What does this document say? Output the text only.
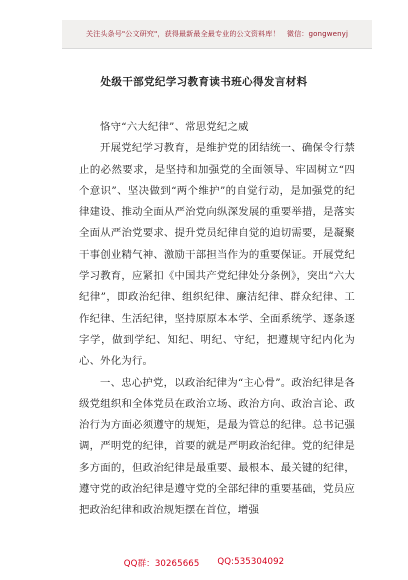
关注头条号"公文研究"，获得最新最全最专业的公文资料库！　微信：gongwenyj
处级干部党纪学习教育读书班心得发言材料

恪守“六大纪律”、常思党纪之威

开展党纪学习教育，是维护党的团结统一、确保令行禁止的必然要求，是坚持和加强党的全面领导、牢固树立“四个意识”、坚决做到“两个维护”的自觉行动，是加强党的纪律建设、推动全面从严治党向纵深发展的重要举措，是落实全面从严治党要求、提升党员纪律自觉的迫切需要，是凝聚干事创业精气神、激励干部担当作为的重要保证。开展党纪学习教育，应紧扣《中国共产党纪律处分条例》，突出“六大纪律”，即政治纪律、组织纪律、廉洁纪律、群众纪律、工作纪律、生活纪律，坚持原原本本学、全面系统学、逐条逐字学，做到学纪、知纪、明纪、守纪，把遵规守纪内化为心、外化为行。

一、忠心护党，以政治纪律为“主心骨”。政治纪律是各级党组织和全体党员在政治立场、政治方向、政治言论、政治行为方面必须遵守的规矩，是最为管总的纪律。总书记强调，严明党的纪律，首要的就是严明政治纪律。党的纪律是多方面的，但政治纪律是最重要、最根本、最关键的纪律，遵守党的政治纪律是遵守党的全部纪律的重要基础，党员应把政治纪律和政治规矩摆在首位，增强

QQ群：30265665 QQ:535304092
